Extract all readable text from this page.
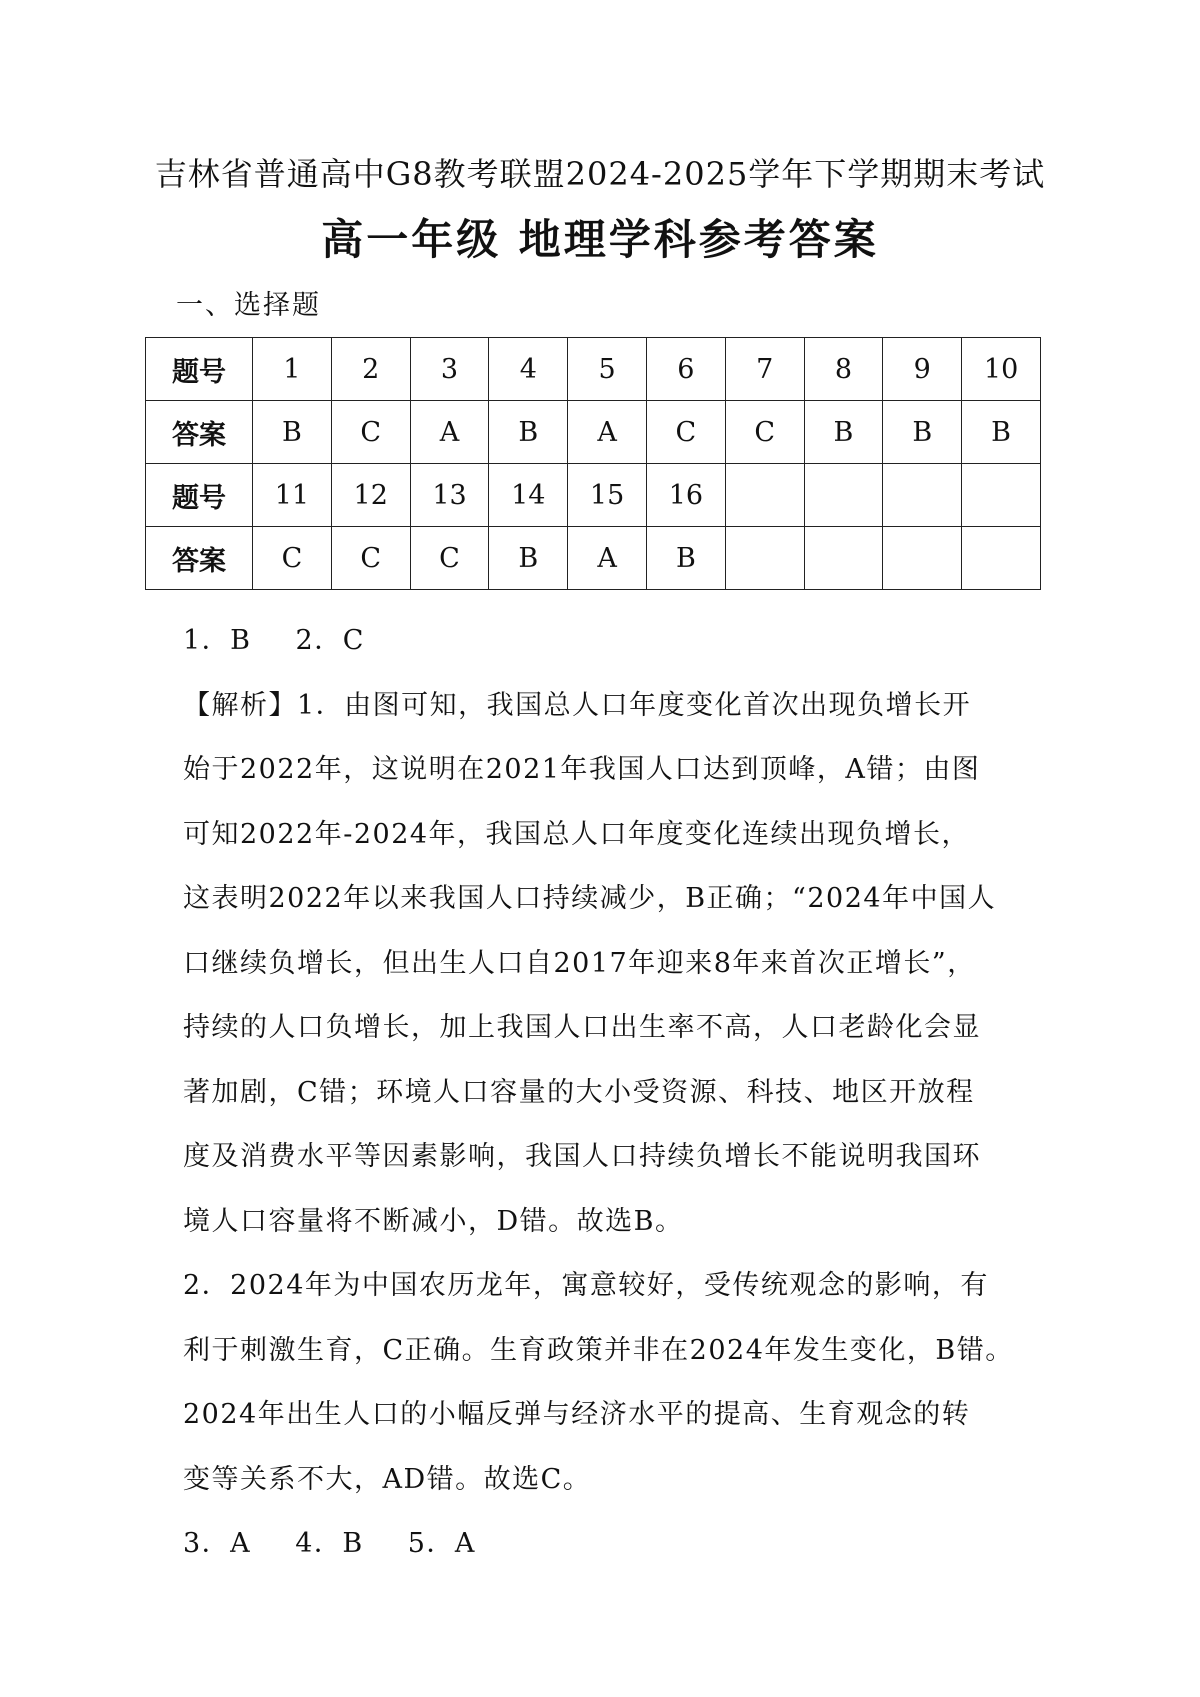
吉林省普通高中G8教考联盟2024-2025学年下学期期末考试
高一年级 地理学科参考答案
一、选择题
题号	1	2	3	4	5	6	7	8	9	10
答案	B	C	A	B	A	C	C	B	B	B
题号	11	12	13	14	15	16				
答案	C	C	C	B	A	B				

1．B 2．C

【解析】1．由图可知，我国总人口年度变化首次出现负增长开

始于2022年，这说明在2021年我国人口达到顶峰，A错；由图

可知2022年-2024年，我国总人口年度变化连续出现负增长，

这表明2022年以来我国人口持续减少，B正确；“2024年中国人

口继续负增长，但出生人口自2017年迎来8年来首次正增长”，

持续的人口负增长，加上我国人口出生率不高，人口老龄化会显

著加剧，C错；环境人口容量的大小受资源、科技、地区开放程

度及消费水平等因素影响，我国人口持续负增长不能说明我国环

境人口容量将不断减小，D错。故选B。

2．2024年为中国农历龙年，寓意较好，受传统观念的影响，有

利于刺激生育，C正确。生育政策并非在2024年发生变化，B错。

2024年出生人口的小幅反弹与经济水平的提高、生育观念的转

变等关系不大，AD错。故选C。

3．A 4．B 5．A
